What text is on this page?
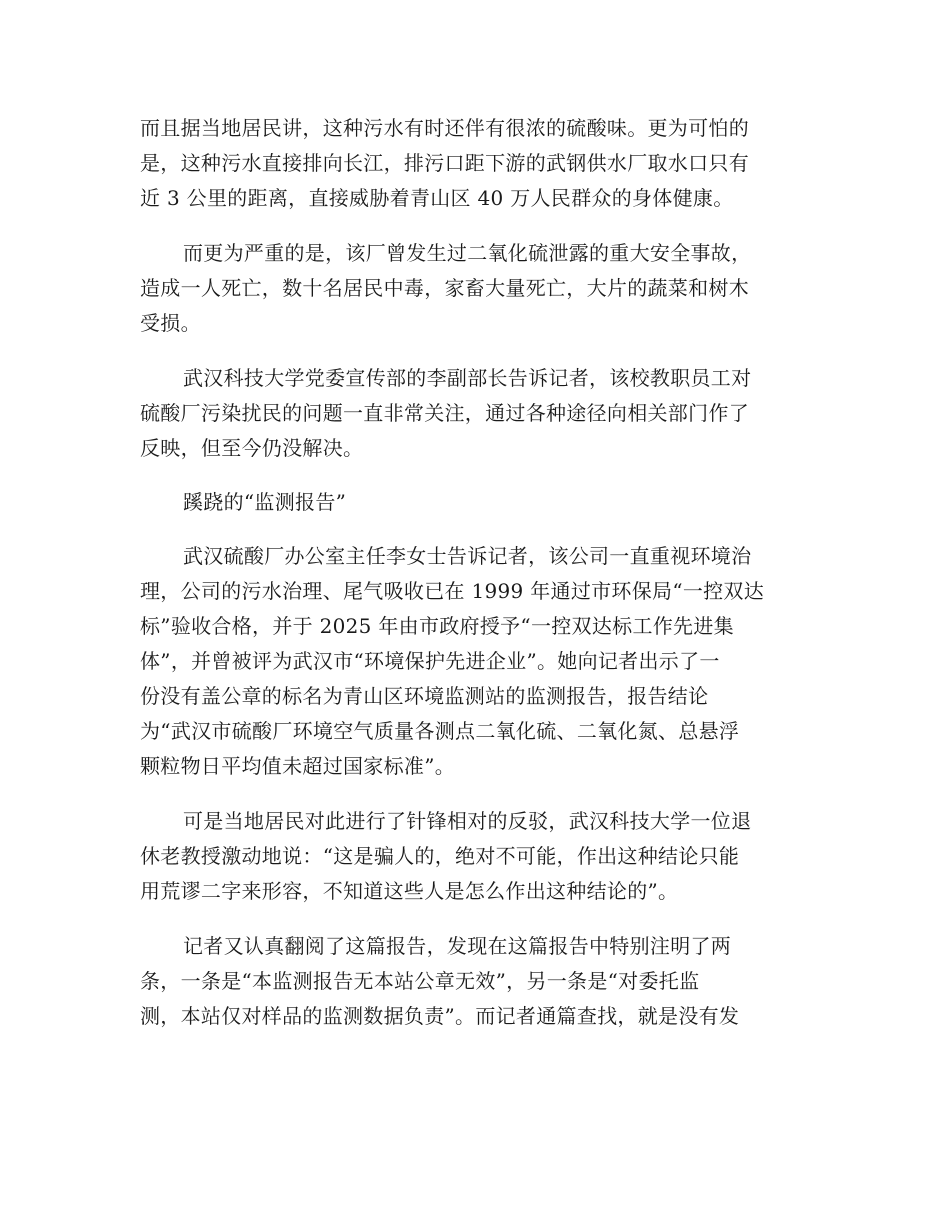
而且据当地居民讲，这种污水有时还伴有很浓的硫酸味。更为可怕的
是，这种污水直接排向长江，排污口距下游的武钢供水厂取水口只有
近 3 公里的距离，直接威胁着青山区 40 万人民群众的身体健康。
而更为严重的是，该厂曾发生过二氧化硫泄露的重大安全事故，
造成一人死亡，数十名居民中毒，家畜大量死亡，大片的蔬菜和树木
受损。
武汉科技大学党委宣传部的李副部长告诉记者，该校教职员工对
硫酸厂污染扰民的问题一直非常关注，通过各种途径向相关部门作了
反映，但至今仍没解决。
蹊跷的“监测报告”
武汉硫酸厂办公室主任李女士告诉记者，该公司一直重视环境治
理，公司的污水治理、尾气吸收已在 1999 年通过市环保局“一控双达
标”验收合格，并于 2025 年由市政府授予“一控双达标工作先进集
体”，并曾被评为武汉市“环境保护先进企业”。她向记者出示了一
份没有盖公章的标名为青山区环境监测站的监测报告，报告结论
为“武汉市硫酸厂环境空气质量各测点二氧化硫、二氧化氮、总悬浮
颗粒物日平均值未超过国家标准”。
可是当地居民对此进行了针锋相对的反驳，武汉科技大学一位退
休老教授激动地说：“这是骗人的，绝对不可能，作出这种结论只能
用荒谬二字来形容，不知道这些人是怎么作出这种结论的”。
记者又认真翻阅了这篇报告，发现在这篇报告中特别注明了两
条，一条是“本监测报告无本站公章无效”，另一条是“对委托监
测，本站仅对样品的监测数据负责”。而记者通篇查找，就是没有发
